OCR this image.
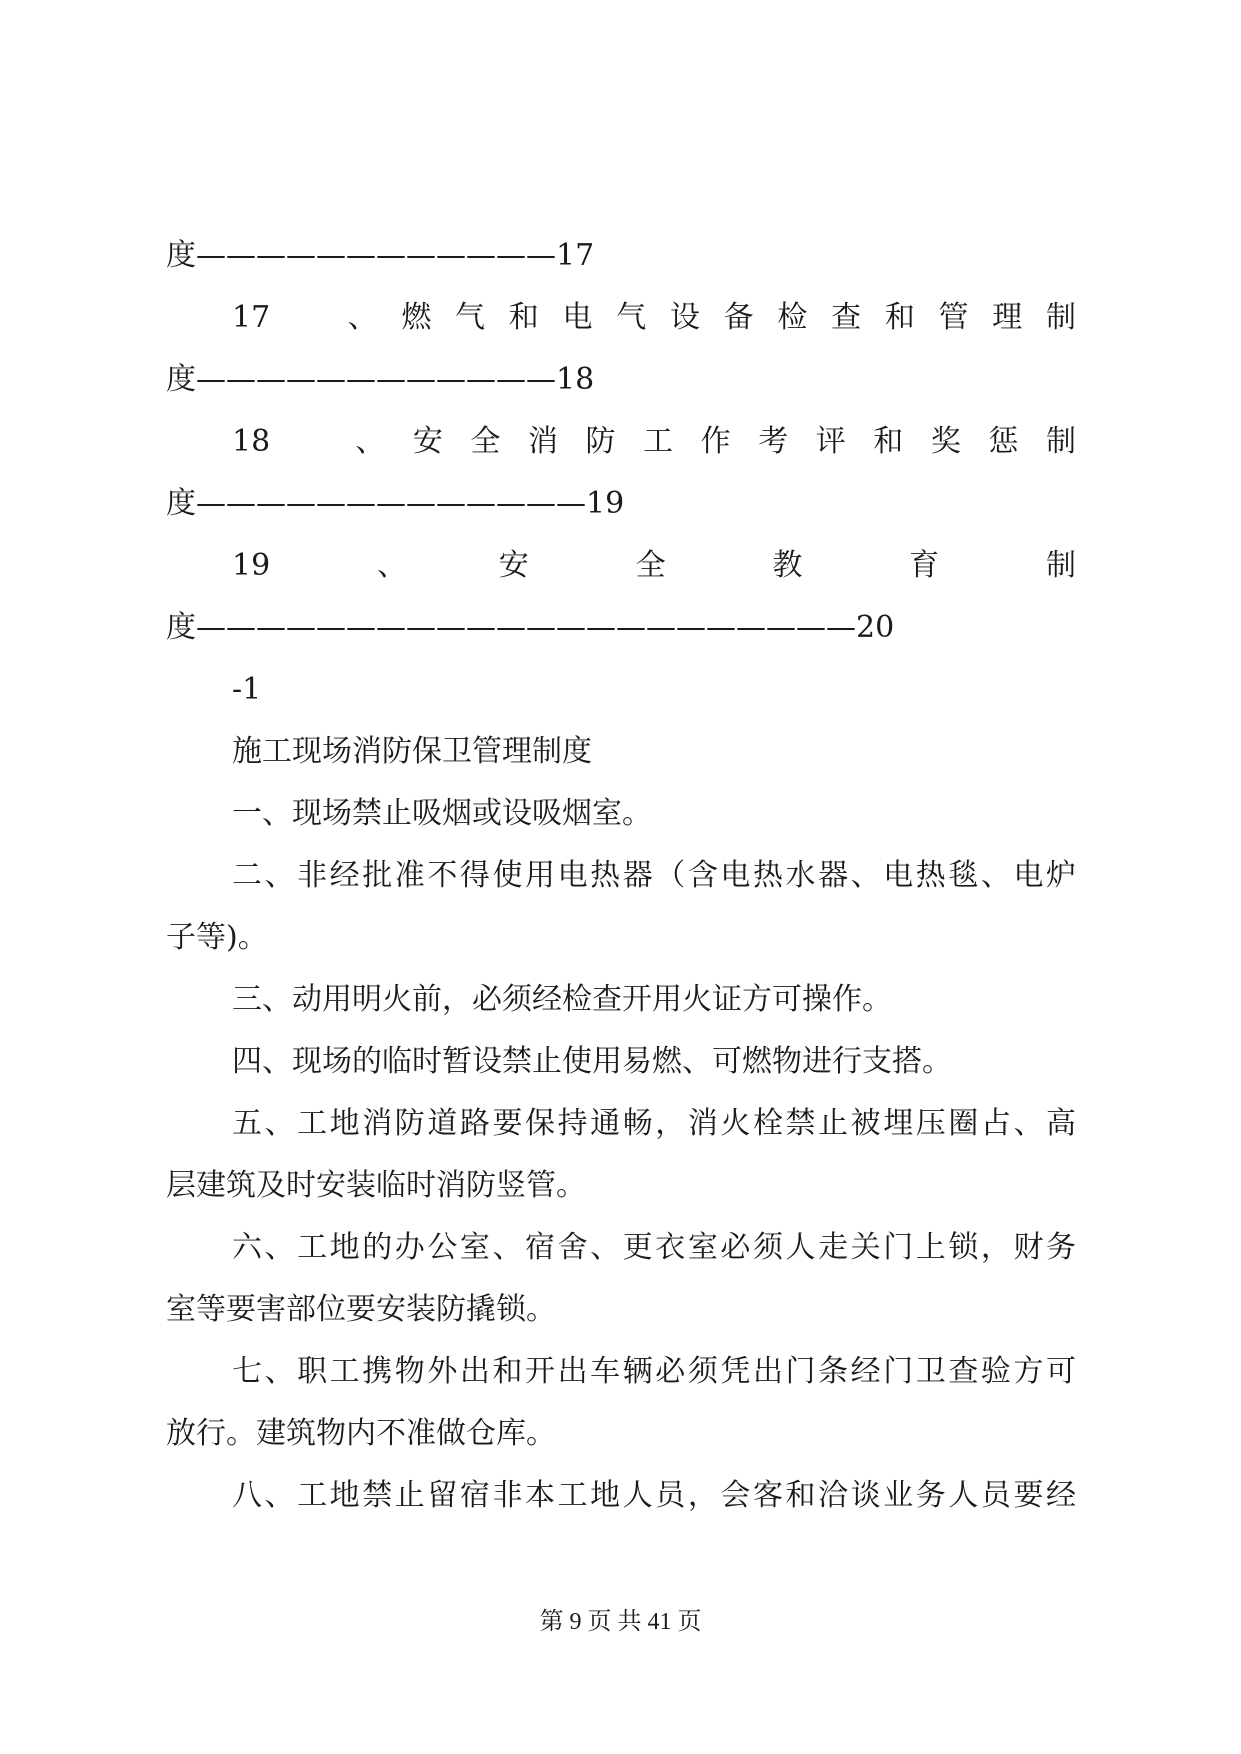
度————————————17
17　、燃气和电气设备检查和管理制
度————————————18
18　、安全消防工作考评和奖惩制
度—————————————19
19　、　安　全　教　育　制
度——————————————————————20
-1
施工现场消防保卫管理制度
一、现场禁止吸烟或设吸烟室。
二、非经批准不得使用电热器（含电热水器、电热毯、电炉
子等)。
三、动用明火前，必须经检查开用火证方可操作。
四、现场的临时暂设禁止使用易燃、可燃物进行支搭。
五、工地消防道路要保持通畅，消火栓禁止被埋压圈占、高
层建筑及时安装临时消防竖管。
六、工地的办公室、宿舍、更衣室必须人走关门上锁，财务
室等要害部位要安装防撬锁。
七、职工携物外出和开出车辆必须凭出门条经门卫查验方可
放行。建筑物内不准做仓库。
八、工地禁止留宿非本工地人员，会客和洽谈业务人员要经
第 9 页 共 41 页
